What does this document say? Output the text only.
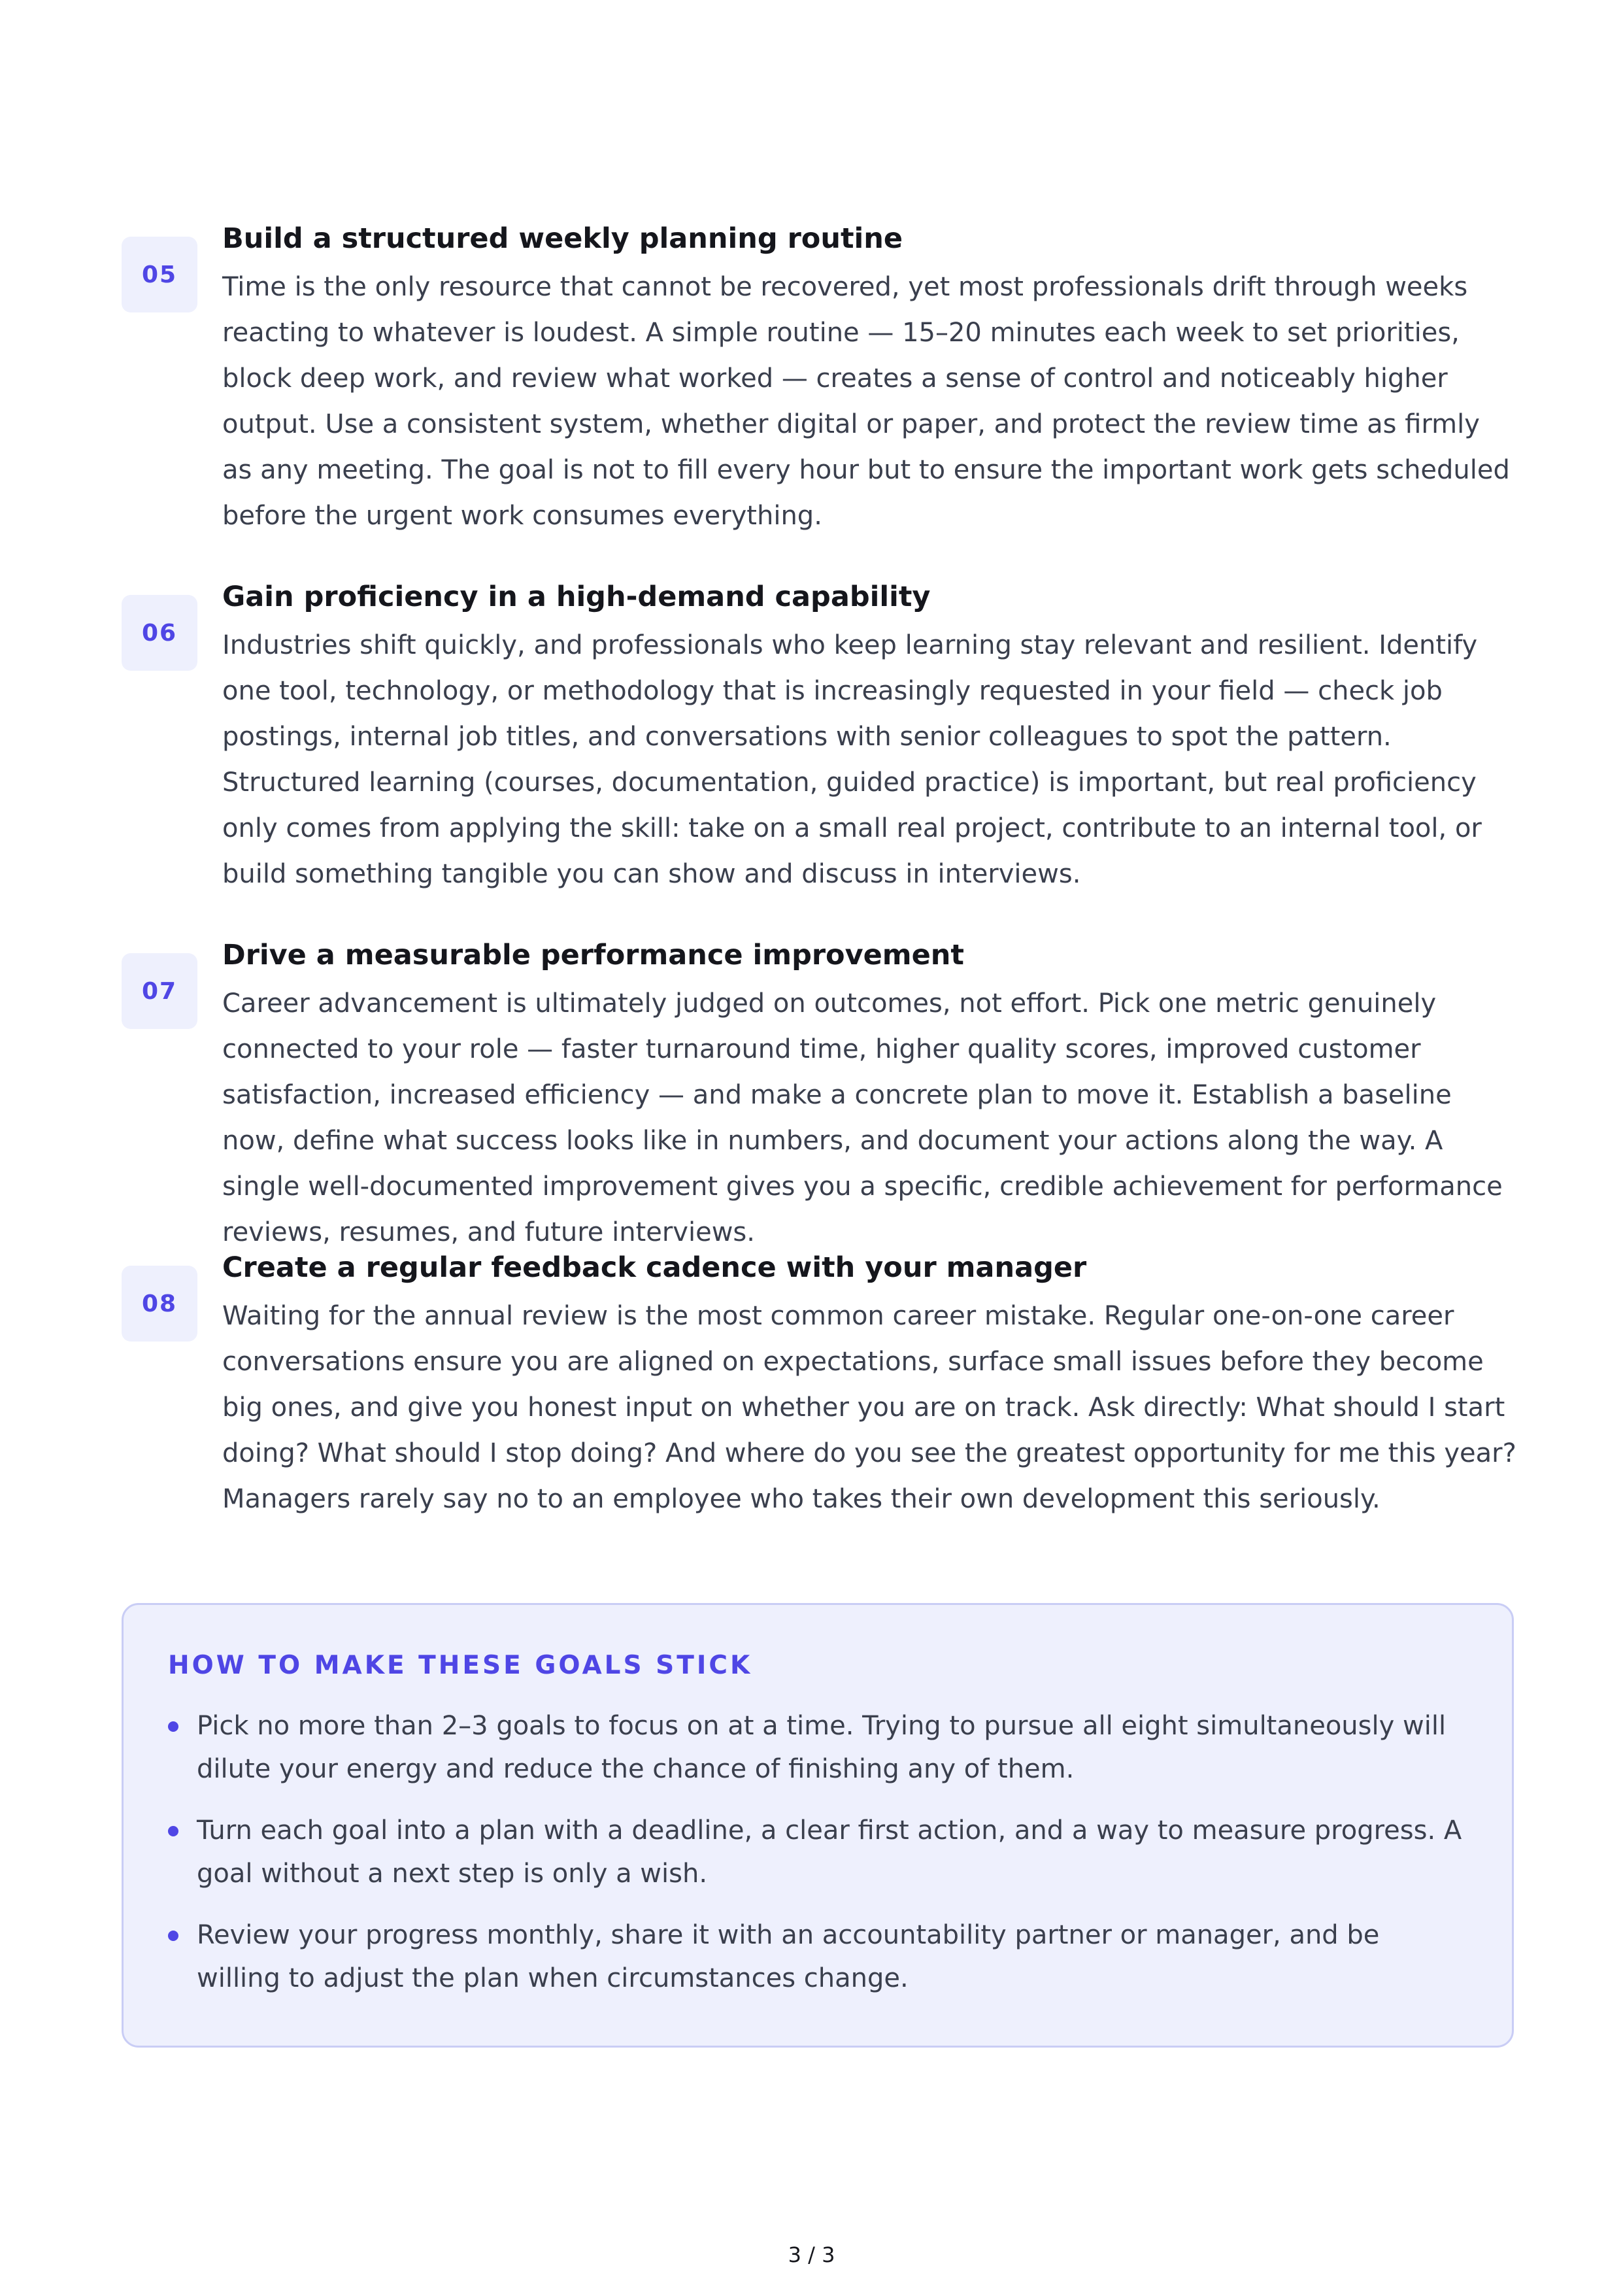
05
Build a structured weekly planning routine

Time is the only resource that cannot be recovered, yet most professionals drift through weeks reacting to whatever is loudest. A simple routine — 15–20 minutes each week to set priorities, block deep work, and review what worked — creates a sense of control and noticeably higher output. Use a consistent system, whether digital or paper, and protect the review time as firmly as any meeting. The goal is not to fill every hour but to ensure the important work gets scheduled before the urgent work consumes everything.

06
Gain proficiency in a high-demand capability

Industries shift quickly, and professionals who keep learning stay relevant and resilient. Identify one tool, technology, or methodology that is increasingly requested in your field — check job postings, internal job titles, and conversations with senior colleagues to spot the pattern. Structured learning (courses, documentation, guided practice) is important, but real proficiency only comes from applying the skill: take on a small real project, contribute to an internal tool, or build something tangible you can show and discuss in interviews.

07
Drive a measurable performance improvement

Career advancement is ultimately judged on outcomes, not effort. Pick one metric genuinely connected to your role — faster turnaround time, higher quality scores, improved customer satisfaction, increased efficiency — and make a concrete plan to move it. Establish a baseline now, define what success looks like in numbers, and document your actions along the way. A single well-documented improvement gives you a specific, credible achievement for performance reviews, resumes, and future interviews.

08
Create a regular feedback cadence with your manager

Waiting for the annual review is the most common career mistake. Regular one-on-one career conversations ensure you are aligned on expectations, surface small issues before they become big ones, and give you honest input on whether you are on track. Ask directly: What should I start doing? What should I stop doing? And where do you see the greatest opportunity for me this year? Managers rarely say no to an employee who takes their own development this seriously.

HOW TO MAKE THESE GOALS STICK
Pick no more than 2–3 goals to focus on at a time. Trying to pursue all eight simultaneously will dilute your energy and reduce the chance of finishing any of them.
Turn each goal into a plan with a deadline, a clear first action, and a way to measure progress. A goal without a next step is only a wish.
Review your progress monthly, share it with an accountability partner or manager, and be willing to adjust the plan when circumstances change.
3 / 3
